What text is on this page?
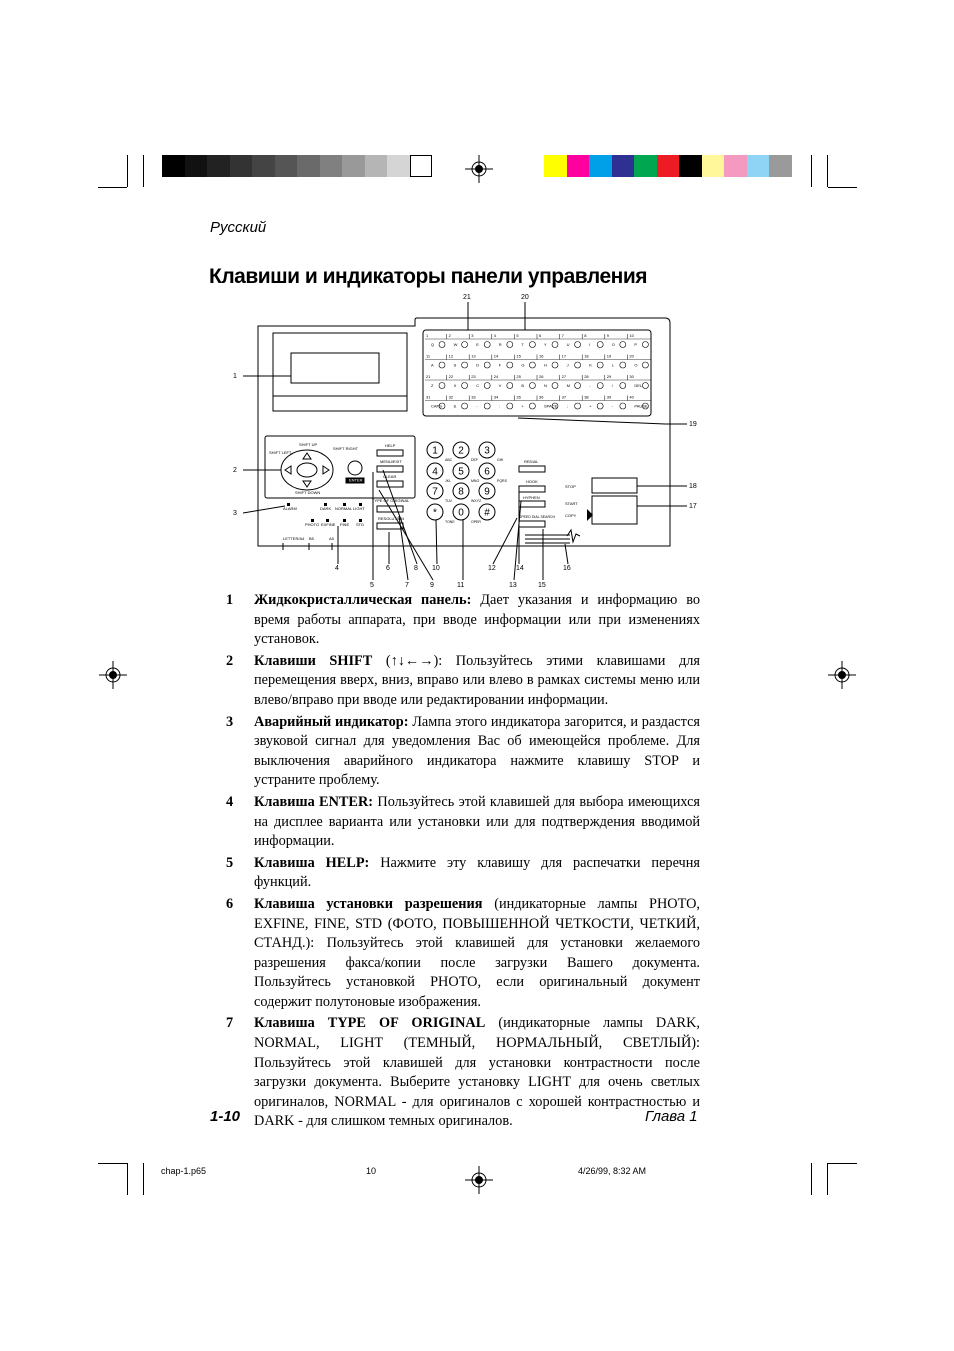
Русский
Клавиши и индикаторы панели управления
1
Q
2
W
3
E
4
R
5
T
6
Y
7
U
8
I
9
O
10
P
11
A
12
S
13
D
14
F
15
G
16
H
17
J
18
K
19
L
20
O
21
Z
22
X
23
C
24
V
25
B
26
N
27
M
28
-
29
/
30
DEL
31
CAPS
32
&
33
-
34
:
35
+
36
SPACE
37
;
38
+
39
-
40
PAUSE
SHIFT UP
SHIFT LEFT
SHIFT RIGHT
SHIFT DOWN
ENTER
HELP
MENU/EXIT
CLEAR
TYPE OF ORIGINAL
RESOLUTION
ALARM	DARK NORMAL LIGHT
PHOTO EXFINE FINE STD
REDIAL
HOOK
HYPHEN
SPEED DIAL SEARCH
STOP
START
COPY
LETTER/A4 B5	A5
1
ABC
2
DEF
3
GHI
4
JKL
5
MNO
6
PQRS
7
TUV
8
WXYZ
9
*
TONE
0
OPER
#
1
2
3
19
18
17
21	20
4	6	8 10	12	14	16
5	7	9	11	13	15
1 Жидкокристаллическая панель: Дает указания и информацию во время работы аппарата, при вводе информации или при изменениях установок.
2 Клавиши SHIFT (↑↓←→): Пользуйтесь этими клавишами для перемещения вверх, вниз, вправо или влево в рамках системы меню или влево/вправо при вводе или редактировании информации.
3 Аварийный индикатор: Лампа этого индикатора загорится, и раздастся звуковой сигнал для уведомления Вас об имеющейся проблеме. Для выключения аварийного индикатора нажмите клавишу STOP и устраните проблему.
4 Клавиша ENTER: Пользуйтесь этой клавишей для выбора имеющихся на дисплее варианта или установки или для подтверждения вводимой информации.
5 Клавиша HELP: Нажмите эту клавишу для распечатки перечня функций.
6 Клавиша установки разрешения (индикаторные лампы PHOTO, EXFINE, FINE, STD (ФОТО, ПОВЫШЕННОЙ ЧЕТКОСТИ, ЧЕТКИЙ, СТАНД.): Пользуйтесь этой клавишей для установки желаемого разрешения факса/копии после загрузки Вашего документа. Пользуйтесь установкой PHOTO, если оригинальный документ содержит полутоновые изображения.
7 Клавиша TYPE OF ORIGINAL (индикаторные лампы DARK, NORMAL, LIGHT (ТЕМНЫЙ, НОРМАЛЬНЫЙ, СВЕТЛЫЙ): Пользуйтесь этой клавишей для установки контрастности после загрузки документа. Выберите установку LIGHT для очень светлых оригиналов, NORMAL - для оригиналов с хорошей контрастностью и DARK - для слишком темных оригиналов.
1-10	Глава 1
chap-1.p65	10	4/26/99, 8:32 AM
